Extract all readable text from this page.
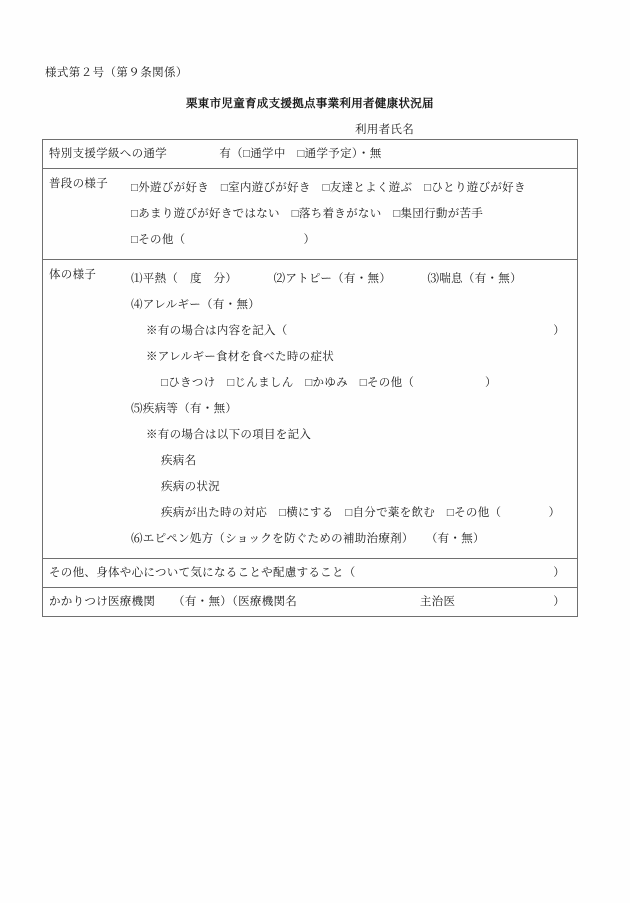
様式第２号（第９条関係）
栗東市児童育成支援拠点事業利用者健康状況届
利用者氏名
特別支援学級への通学	有（□通学中　□通学予定）・無

普段の様子	□外遊びが好き　□室内遊びが好き　□友達とよく遊ぶ　□ひとり遊びが好き
□あまり遊びが好きではない　□落ち着きがない　□集団行動が苦手
□その他（　　　　　　　　　　）

体の様子	⑴平熱（　度　分）	⑵アトピー（有・無）	⑶喘息（有・無）
⑷アレルギー（有・無）
※有の場合は内容を記入（	）
※アレルギー食材を食べた時の症状
□ひきつけ　□じんましん　□かゆみ　□その他（　　　　　　）
⑸疾病等（有・無）
※有の場合は以下の項目を記入
疾病名
疾病の状況
疾病が出た時の対応　□横にする　□自分で薬を飲む　□その他（　　　　）
⑹エピペン処方（ショックを防ぐための補助治療剤）　　（有・無）

その他、身体や心について気になることや配慮すること（	）

かかりつけ医療機関　　（有・無）（医療機関名	主治医	）
